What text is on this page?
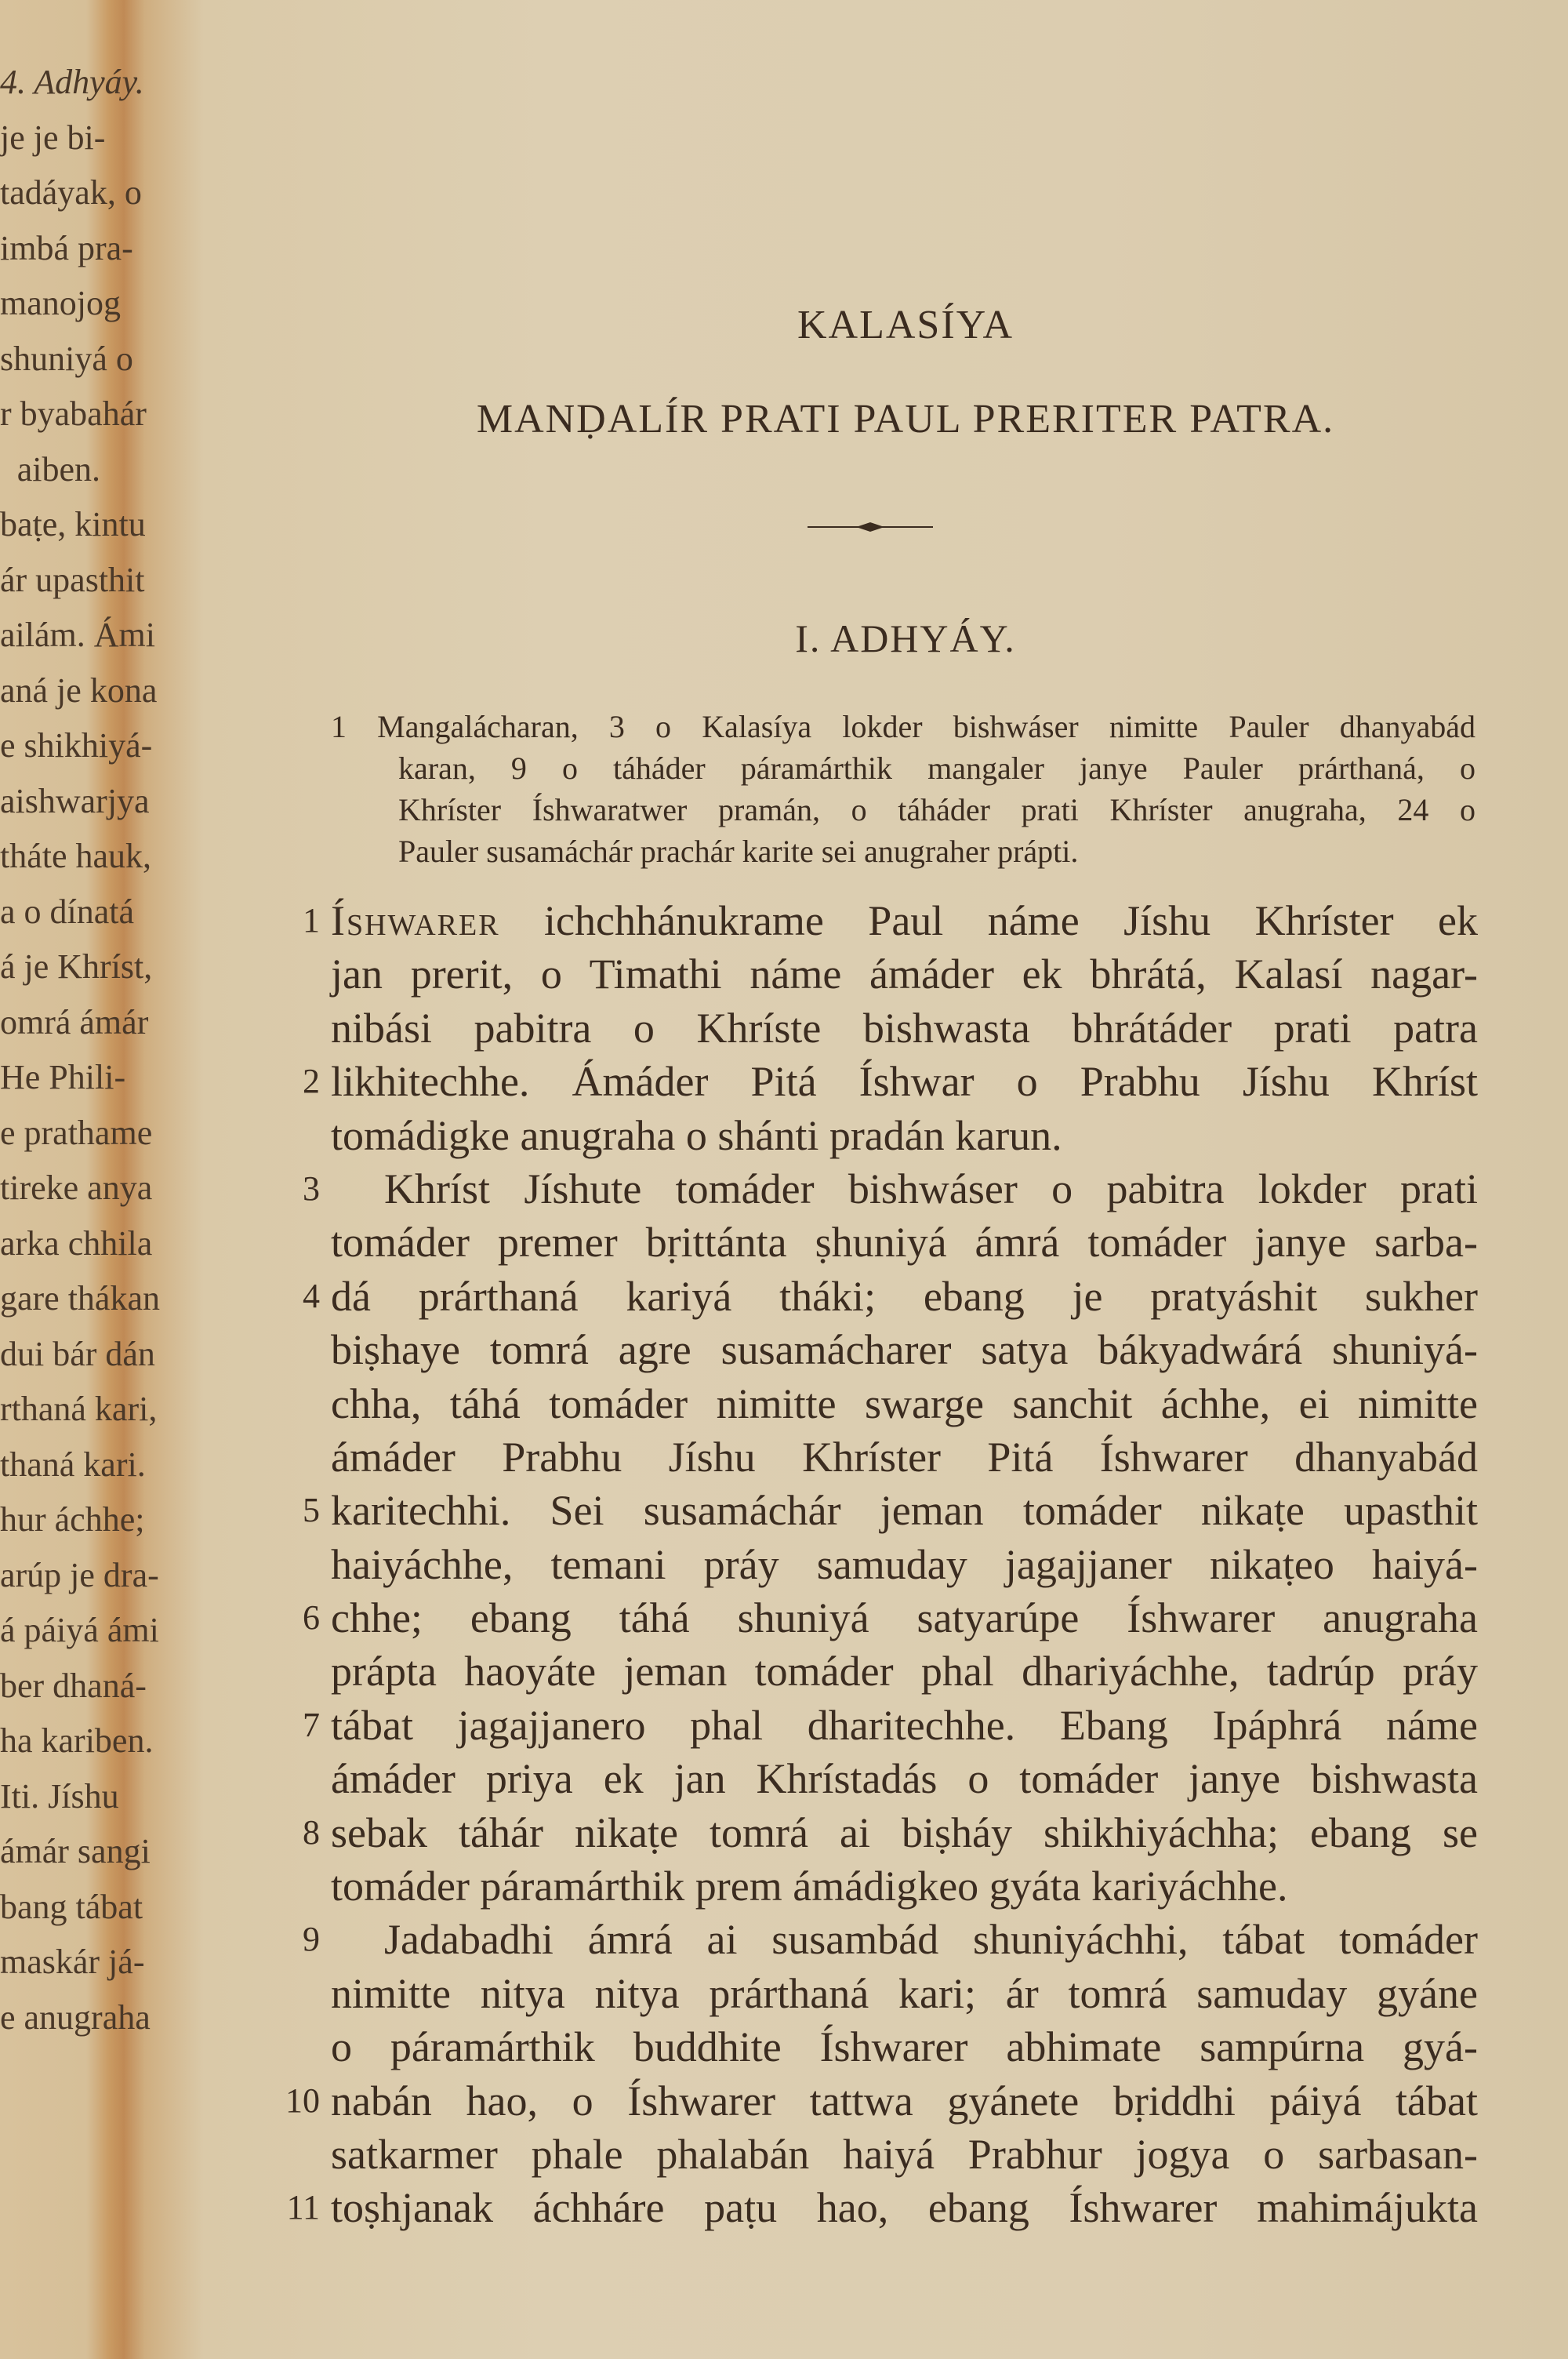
4. Adhyáy.
je je bi-
tadáyak, o
imbá pra-
manojog
shuniyá o
r byabahár
aiben.
baṭe, kintu
ár upasthit
ailám. Ámi
aná je kona
e shikhiyá-
aishwarjya
tháte hauk,
a o dínatá
á je Khríst,
omrá ámár
He Phili-
e prathame
tireke anya
arka chhila
gare thákan
dui bár dán
rthaná kari,
thaná kari.
hur áchhe;
arúp je dra-
á páiyá ámi
ber dhaná-
ha kariben.
Iti. Jíshu
ámár sangi
bang tábat
maskár já-
e anugraha
KALASÍYA
MANḌALÍR PRATI PAUL PRERITER PATRA.
I. ADHYÁY.
1 Mangalácharan, 3 o Kalasíya lokder bishwáser nimitte Pauler dhanyabád
karan, 9 o táháder páramárthik mangaler janye Pauler prárthaná, o
Khríster Íshwaratwer pramán, o táháder prati Khríster anugraha, 24 o
Pauler susamáchár prachár karite sei anugraher prápti.
1 Íshwarer ichchhánukrame Paul náme Jíshu Khríster ek
jan prerit, o Timathi náme ámáder ek bhrátá, Kalasí nagar-
nibási pabitra o Khríste bishwasta bhrátáder prati patra
2 likhitechhe. Ámáder Pitá Íshwar o Prabhu Jíshu Khríst
tomádigke anugraha o shánti pradán karun.
3 Khríst Jíshute tomáder bishwáser o pabitra lokder prati
tomáder premer bṛittánta ṣhuniyá ámrá tomáder janye sarba-
4 dá prárthaná kariyá tháki; ebang je pratyáshit sukher
biṣhaye tomrá agre susamácharer satya bákyadwárá shuniyá-
chha, táhá tomáder nimitte swarge sanchit áchhe, ei nimitte
ámáder Prabhu Jíshu Khríster Pitá Íshwarer dhanyabád
5 karitechhi. Sei susamáchár jeman tomáder nikaṭe upasthit
haiyáchhe, temani práy samuday jagajjaner nikaṭeo haiyá-
6 chhe; ebang táhá shuniyá satyarúpe Íshwarer anugraha
prápta haoyáte jeman tomáder phal dhariyáchhe, tadrúp práy
7 tábat jagajjanero phal dharitechhe. Ebang Ipáphrá náme
ámáder priya ek jan Khrístadás o tomáder janye bishwasta
8 sebak táhár nikaṭe tomrá ai biṣháy shikhiyáchha; ebang se
tomáder páramárthik prem ámádigkeo gyáta kariyáchhe.
9 Jadabadhi ámrá ai susambád shuniyáchhi, tábat tomáder
nimitte nitya nitya prárthaná kari; ár tomrá samuday gyáne
o páramárthik buddhite Íshwarer abhimate sampúrna gyá-
10 nabán hao, o Íshwarer tattwa gyánete bṛiddhi páiyá tábat
satkarmer phale phalabán haiyá Prabhur jogya o sarbasan-
11 toṣhjanak áchháre paṭu hao, ebang Íshwarer mahimájukta
